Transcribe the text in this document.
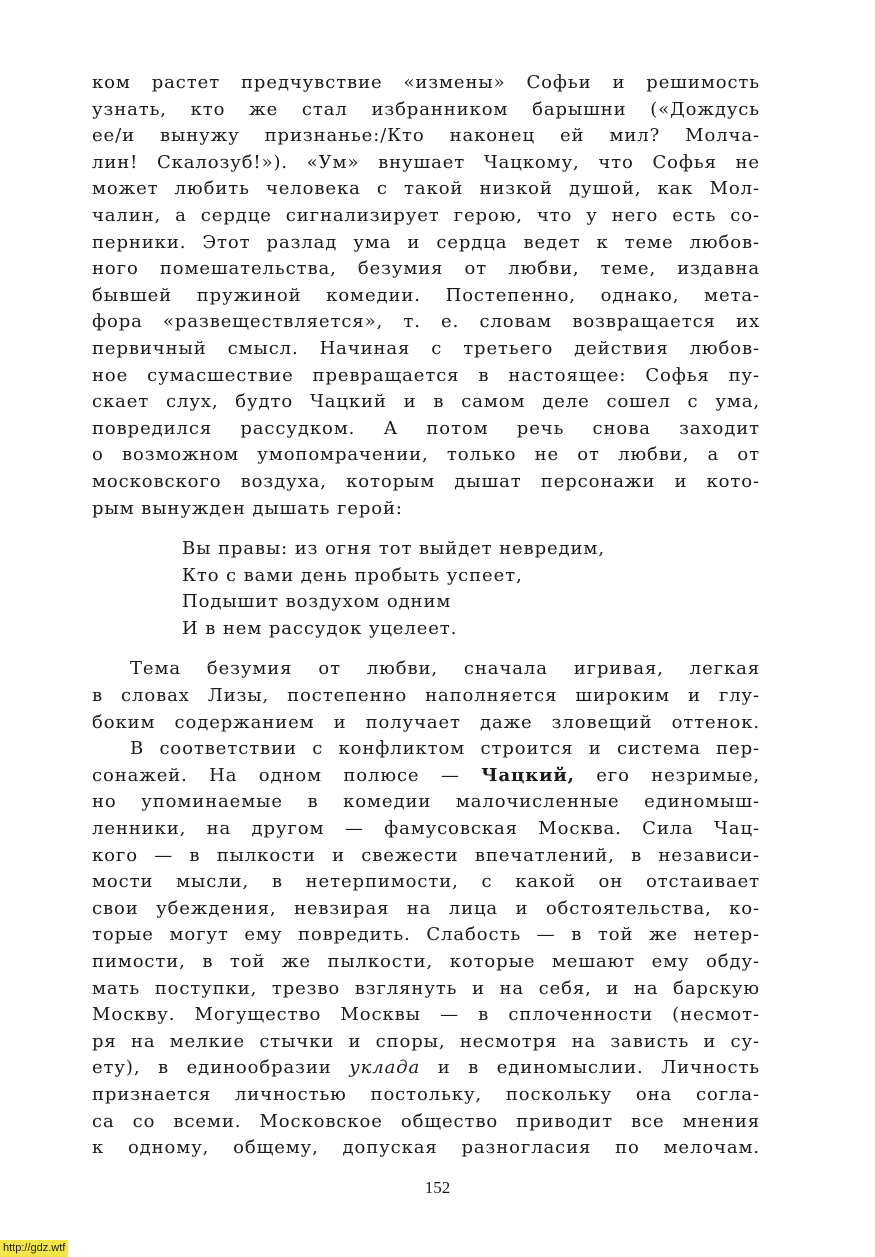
ком растет предчувствие «измены» Софьи и решимость
узнать, кто же стал избранником барышни («Дождусь
ее/и вынужу признанье:/Кто наконец ей мил? Молча-
лин! Скалозуб!»). «Ум» внушает Чацкому, что Софья не
может любить человека с такой низкой душой, как Мол-
чалин, а сердце сигнализирует герою, что у него есть со-
перники. Этот разлад ума и сердца ведет к теме любов-
ного помешательства, безумия от любви, теме, издавна
бывшей пружиной комедии. Постепенно, однако, мета-
фора «развеществляется», т. е. словам возвращается их
первичный смысл. Начиная с третьего действия любов-
ное сумасшествие превращается в настоящее: Софья пу-
скает слух, будто Чацкий и в самом деле сошел с ума,
повредился рассудком. А потом речь снова заходит
о возможном умопомрачении, только не от любви, а от
московского воздуха, которым дышат персонажи и кото-
рым вынужден дышать герой:
Вы правы: из огня тот выйдет невредим,
Кто с вами день пробыть успеет,
Подышит воздухом одним
И в нем рассудок уцелеет.
Тема безумия от любви, сначала игривая, легкая
в словах Лизы, постепенно наполняется широким и глу-
боким содержанием и получает даже зловещий оттенок.
В соответствии с конфликтом строится и система пер-
сонажей. На одном полюсе — Чацкий, его незримые,
но упоминаемые в комедии малочисленные единомыш-
ленники, на другом — фамусовская Москва. Сила Чац-
кого — в пылкости и свежести впечатлений, в независи-
мости мысли, в нетерпимости, с какой он отстаивает
свои убеждения, невзирая на лица и обстоятельства, ко-
торые могут ему повредить. Слабость — в той же нетер-
пимости, в той же пылкости, которые мешают ему обду-
мать поступки, трезво взглянуть и на себя, и на барскую
Москву. Могущество Москвы — в сплоченности (несмот-
ря на мелкие стычки и споры, несмотря на зависть и су-
ету), в единообразии уклада и в единомыслии. Личность
признается личностью постольку, поскольку она согла-
са со всеми. Московское общество приводит все мнения
к одному, общему, допуская разногласия по мелочам.
152
http://gdz.wtf
